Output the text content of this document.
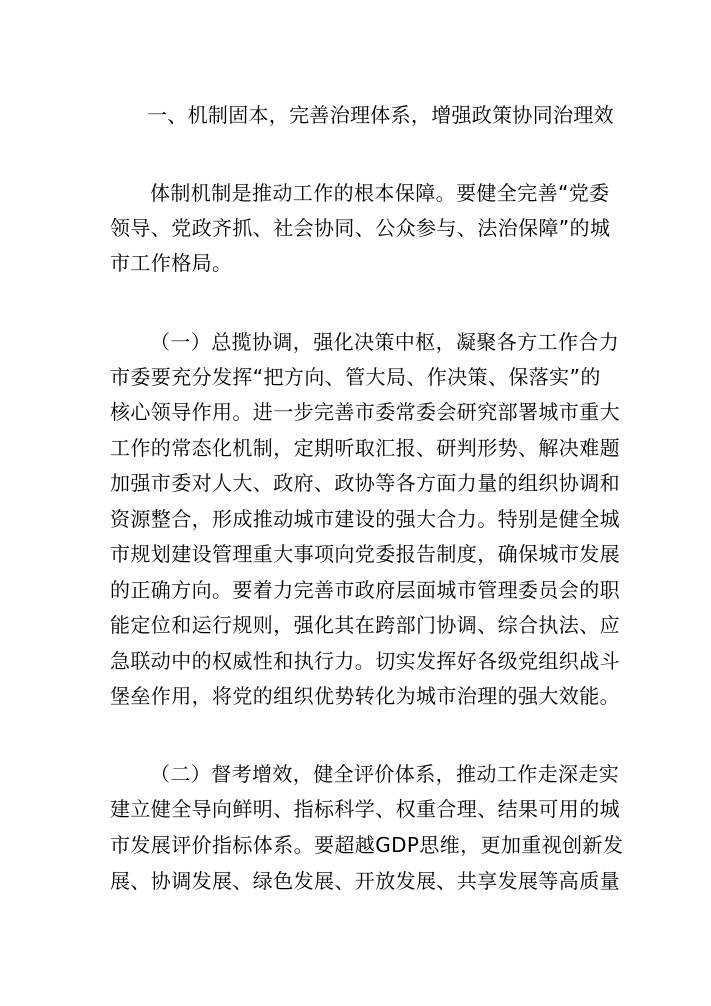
一、机制固本，完善治理体系，增强政策协同治理效
体制机制是推动工作的根本保障。要健全完善“党委
领导、党政齐抓、社会协同、公众参与、法治保障”的城
市工作格局。
（一）总揽协调，强化决策中枢，凝聚各方工作合力
市委要充分发挥“把方向、管大局、作决策、保落实”的
核心领导作用。进一步完善市委常委会研究部署城市重大
工作的常态化机制，定期听取汇报、研判形势、解决难题
加强市委对人大、政府、政协等各方面力量的组织协调和
资源整合，形成推动城市建设的强大合力。特别是健全城
市规划建设管理重大事项向党委报告制度，确保城市发展
的正确方向。要着力完善市政府层面城市管理委员会的职
能定位和运行规则，强化其在跨部门协调、综合执法、应
急联动中的权威性和执行力。切实发挥好各级党组织战斗
堡垒作用，将党的组织优势转化为城市治理的强大效能。
（二）督考增效，健全评价体系，推动工作走深走实
建立健全导向鲜明、指标科学、权重合理、结果可用的城
市发展评价指标体系。要超越GDP思维，更加重视创新发
展、协调发展、绿色发展、开放发展、共享发展等高质量
